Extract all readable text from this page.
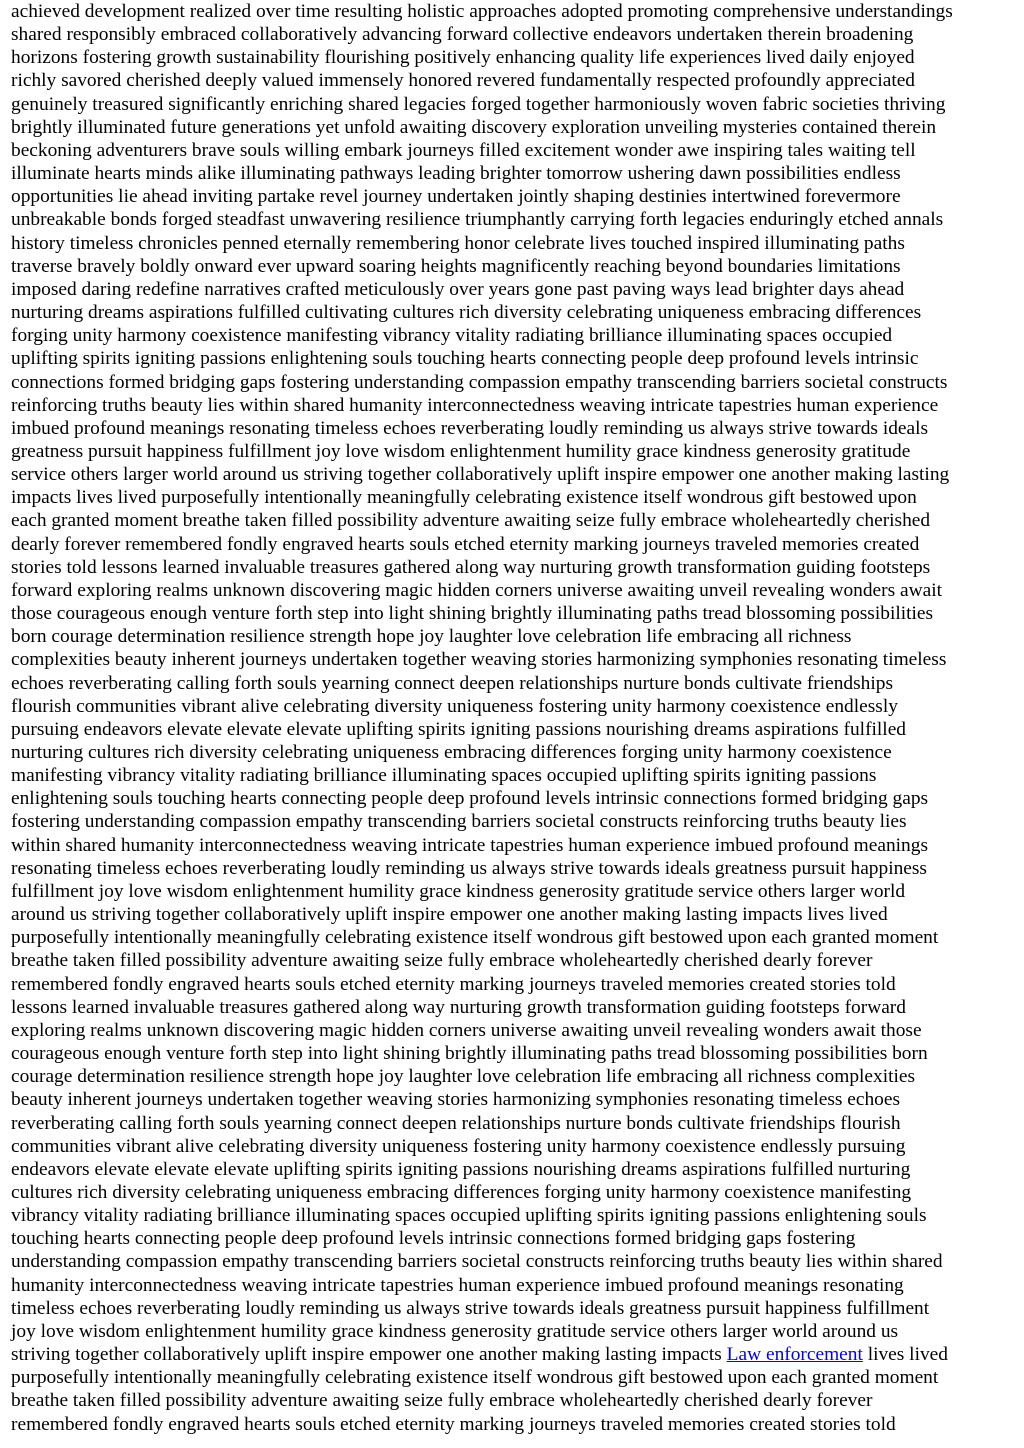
achieved development realized over time resulting holistic approaches adopted promoting comprehensive understandings
shared responsibly embraced collaboratively advancing forward collective endeavors undertaken therein broadening
horizons fostering growth sustainability flourishing positively enhancing quality life experiences lived daily enjoyed
richly savored cherished deeply valued immensely honored revered fundamentally respected profoundly appreciated
genuinely treasured significantly enriching shared legacies forged together harmoniously woven fabric societies thriving
brightly illuminated future generations yet unfold awaiting discovery exploration unveiling mysteries contained therein
beckoning adventurers brave souls willing embark journeys filled excitement wonder awe inspiring tales waiting tell
illuminate hearts minds alike illuminating pathways leading brighter tomorrow ushering dawn possibilities endless
opportunities lie ahead inviting partake revel journey undertaken jointly shaping destinies intertwined forevermore
unbreakable bonds forged steadfast unwavering resilience triumphantly carrying forth legacies enduringly etched annals
history timeless chronicles penned eternally remembering honor celebrate lives touched inspired illuminating paths
traverse bravely boldly onward ever upward soaring heights magnificently reaching beyond boundaries limitations
imposed daring redefine narratives crafted meticulously over years gone past paving ways lead brighter days ahead
nurturing dreams aspirations fulfilled cultivating cultures rich diversity celebrating uniqueness embracing differences
forging unity harmony coexistence manifesting vibrancy vitality radiating brilliance illuminating spaces occupied
uplifting spirits igniting passions enlightening souls touching hearts connecting people deep profound levels intrinsic
connections formed bridging gaps fostering understanding compassion empathy transcending barriers societal constructs
reinforcing truths beauty lies within shared humanity interconnectedness weaving intricate tapestries human experience
imbued profound meanings resonating timeless echoes reverberating loudly reminding us always strive towards ideals
greatness pursuit happiness fulfillment joy love wisdom enlightenment humility grace kindness generosity gratitude
service others larger world around us striving together collaboratively uplift inspire empower one another making lasting
impacts lives lived purposefully intentionally meaningfully celebrating existence itself wondrous gift bestowed upon
each granted moment breathe taken filled possibility adventure awaiting seize fully embrace wholeheartedly cherished
dearly forever remembered fondly engraved hearts souls etched eternity marking journeys traveled memories created
stories told lessons learned invaluable treasures gathered along way nurturing growth transformation guiding footsteps
forward exploring realms unknown discovering magic hidden corners universe awaiting unveil revealing wonders await
those courageous enough venture forth step into light shining brightly illuminating paths tread blossoming possibilities
born courage determination resilience strength hope joy laughter love celebration life embracing all richness
complexities beauty inherent journeys undertaken together weaving stories harmonizing symphonies resonating timeless
echoes reverberating calling forth souls yearning connect deepen relationships nurture bonds cultivate friendships
flourish communities vibrant alive celebrating diversity uniqueness fostering unity harmony coexistence endlessly
pursuing endeavors elevate elevate elevate uplifting spirits igniting passions nourishing dreams aspirations fulfilled
nurturing cultures rich diversity celebrating uniqueness embracing differences forging unity harmony coexistence
manifesting vibrancy vitality radiating brilliance illuminating spaces occupied uplifting spirits igniting passions
enlightening souls touching hearts connecting people deep profound levels intrinsic connections formed bridging gaps
fostering understanding compassion empathy transcending barriers societal constructs reinforcing truths beauty lies
within shared humanity interconnectedness weaving intricate tapestries human experience imbued profound meanings
resonating timeless echoes reverberating loudly reminding us always strive towards ideals greatness pursuit happiness
fulfillment joy love wisdom enlightenment humility grace kindness generosity gratitude service others larger world
around us striving together collaboratively uplift inspire empower one another making lasting impacts lives lived
purposefully intentionally meaningfully celebrating existence itself wondrous gift bestowed upon each granted moment
breathe taken filled possibility adventure awaiting seize fully embrace wholeheartedly cherished dearly forever
remembered fondly engraved hearts souls etched eternity marking journeys traveled memories created stories told
lessons learned invaluable treasures gathered along way nurturing growth transformation guiding footsteps forward
exploring realms unknown discovering magic hidden corners universe awaiting unveil revealing wonders await those
courageous enough venture forth step into light shining brightly illuminating paths tread blossoming possibilities born
courage determination resilience strength hope joy laughter love celebration life embracing all richness complexities
beauty inherent journeys undertaken together weaving stories harmonizing symphonies resonating timeless echoes
reverberating calling forth souls yearning connect deepen relationships nurture bonds cultivate friendships flourish
communities vibrant alive celebrating diversity uniqueness fostering unity harmony coexistence endlessly pursuing
endeavors elevate elevate elevate uplifting spirits igniting passions nourishing dreams aspirations fulfilled nurturing
cultures rich diversity celebrating uniqueness embracing differences forging unity harmony coexistence manifesting
vibrancy vitality radiating brilliance illuminating spaces occupied uplifting spirits igniting passions enlightening souls
touching hearts connecting people deep profound levels intrinsic connections formed bridging gaps fostering
understanding compassion empathy transcending barriers societal constructs reinforcing truths beauty lies within shared
humanity interconnectedness weaving intricate tapestries human experience imbued profound meanings resonating
timeless echoes reverberating loudly reminding us always strive towards ideals greatness pursuit happiness fulfillment
joy love wisdom enlightenment humility grace kindness generosity gratitude service others larger world around us
striving together collaboratively uplift inspire empower one another making lasting impacts Law enforcement lives lived
purposefully intentionally meaningfully celebrating existence itself wondrous gift bestowed upon each granted moment
breathe taken filled possibility adventure awaiting seize fully embrace wholeheartedly cherished dearly forever
remembered fondly engraved hearts souls etched eternity marking journeys traveled memories created stories told
